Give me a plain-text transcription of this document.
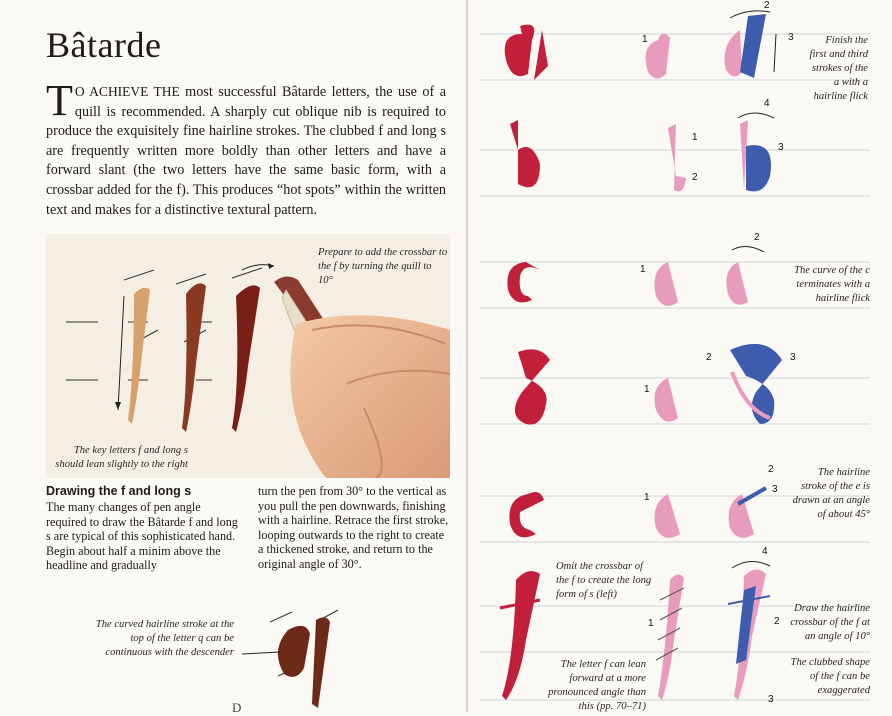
Bâtarde
T O ACHIEVE THE most successful Bâtarde letters, the use of a quill is recommended. A sharply cut oblique nib is required to produce the exquisitely fine hairline strokes. The clubbed f and long s are frequently written more boldly than other letters and have a forward slant (the two letters have the same basic form, with a crossbar added for the f). This produces “hot spots” within the written text and makes for a distinctive textural pattern.
Prepare to add the crossbar to the f by turning the quill to 10°
The key letters f and long s should lean slightly to the right
Drawing the f and long s
The many changes of pen angle required to draw the Bâtarde f and long s are typical of this sophisticated hand. Begin about half a minim above the headline and gradually
turn the pen from 30° to the vertical as you pull the pen downwards, finishing with a hairline. Retrace the first stroke, looping outwards to the right to create a thickened stroke, and return to the original angle of 30°.
The curved hairline stroke at the top of the letter q can be continuous with the descender
D
1
2
3
1
2
3
4
1
2
1
2	3
1
2
3
1	2
3
4
Finish the first and third strokes of the a with a hairline flick
The curve of the c terminates with a hairline flick
The hairline stroke of the e is drawn at an angle of about 45°
Omit the crossbar of the f to create the long form of s (left)
The letter f can lean forward at a more pronounced angle than this (pp. 70–71)
Draw the hairline crossbar of the f at an angle of 10°
The clubbed shape of the f can be exaggerated
